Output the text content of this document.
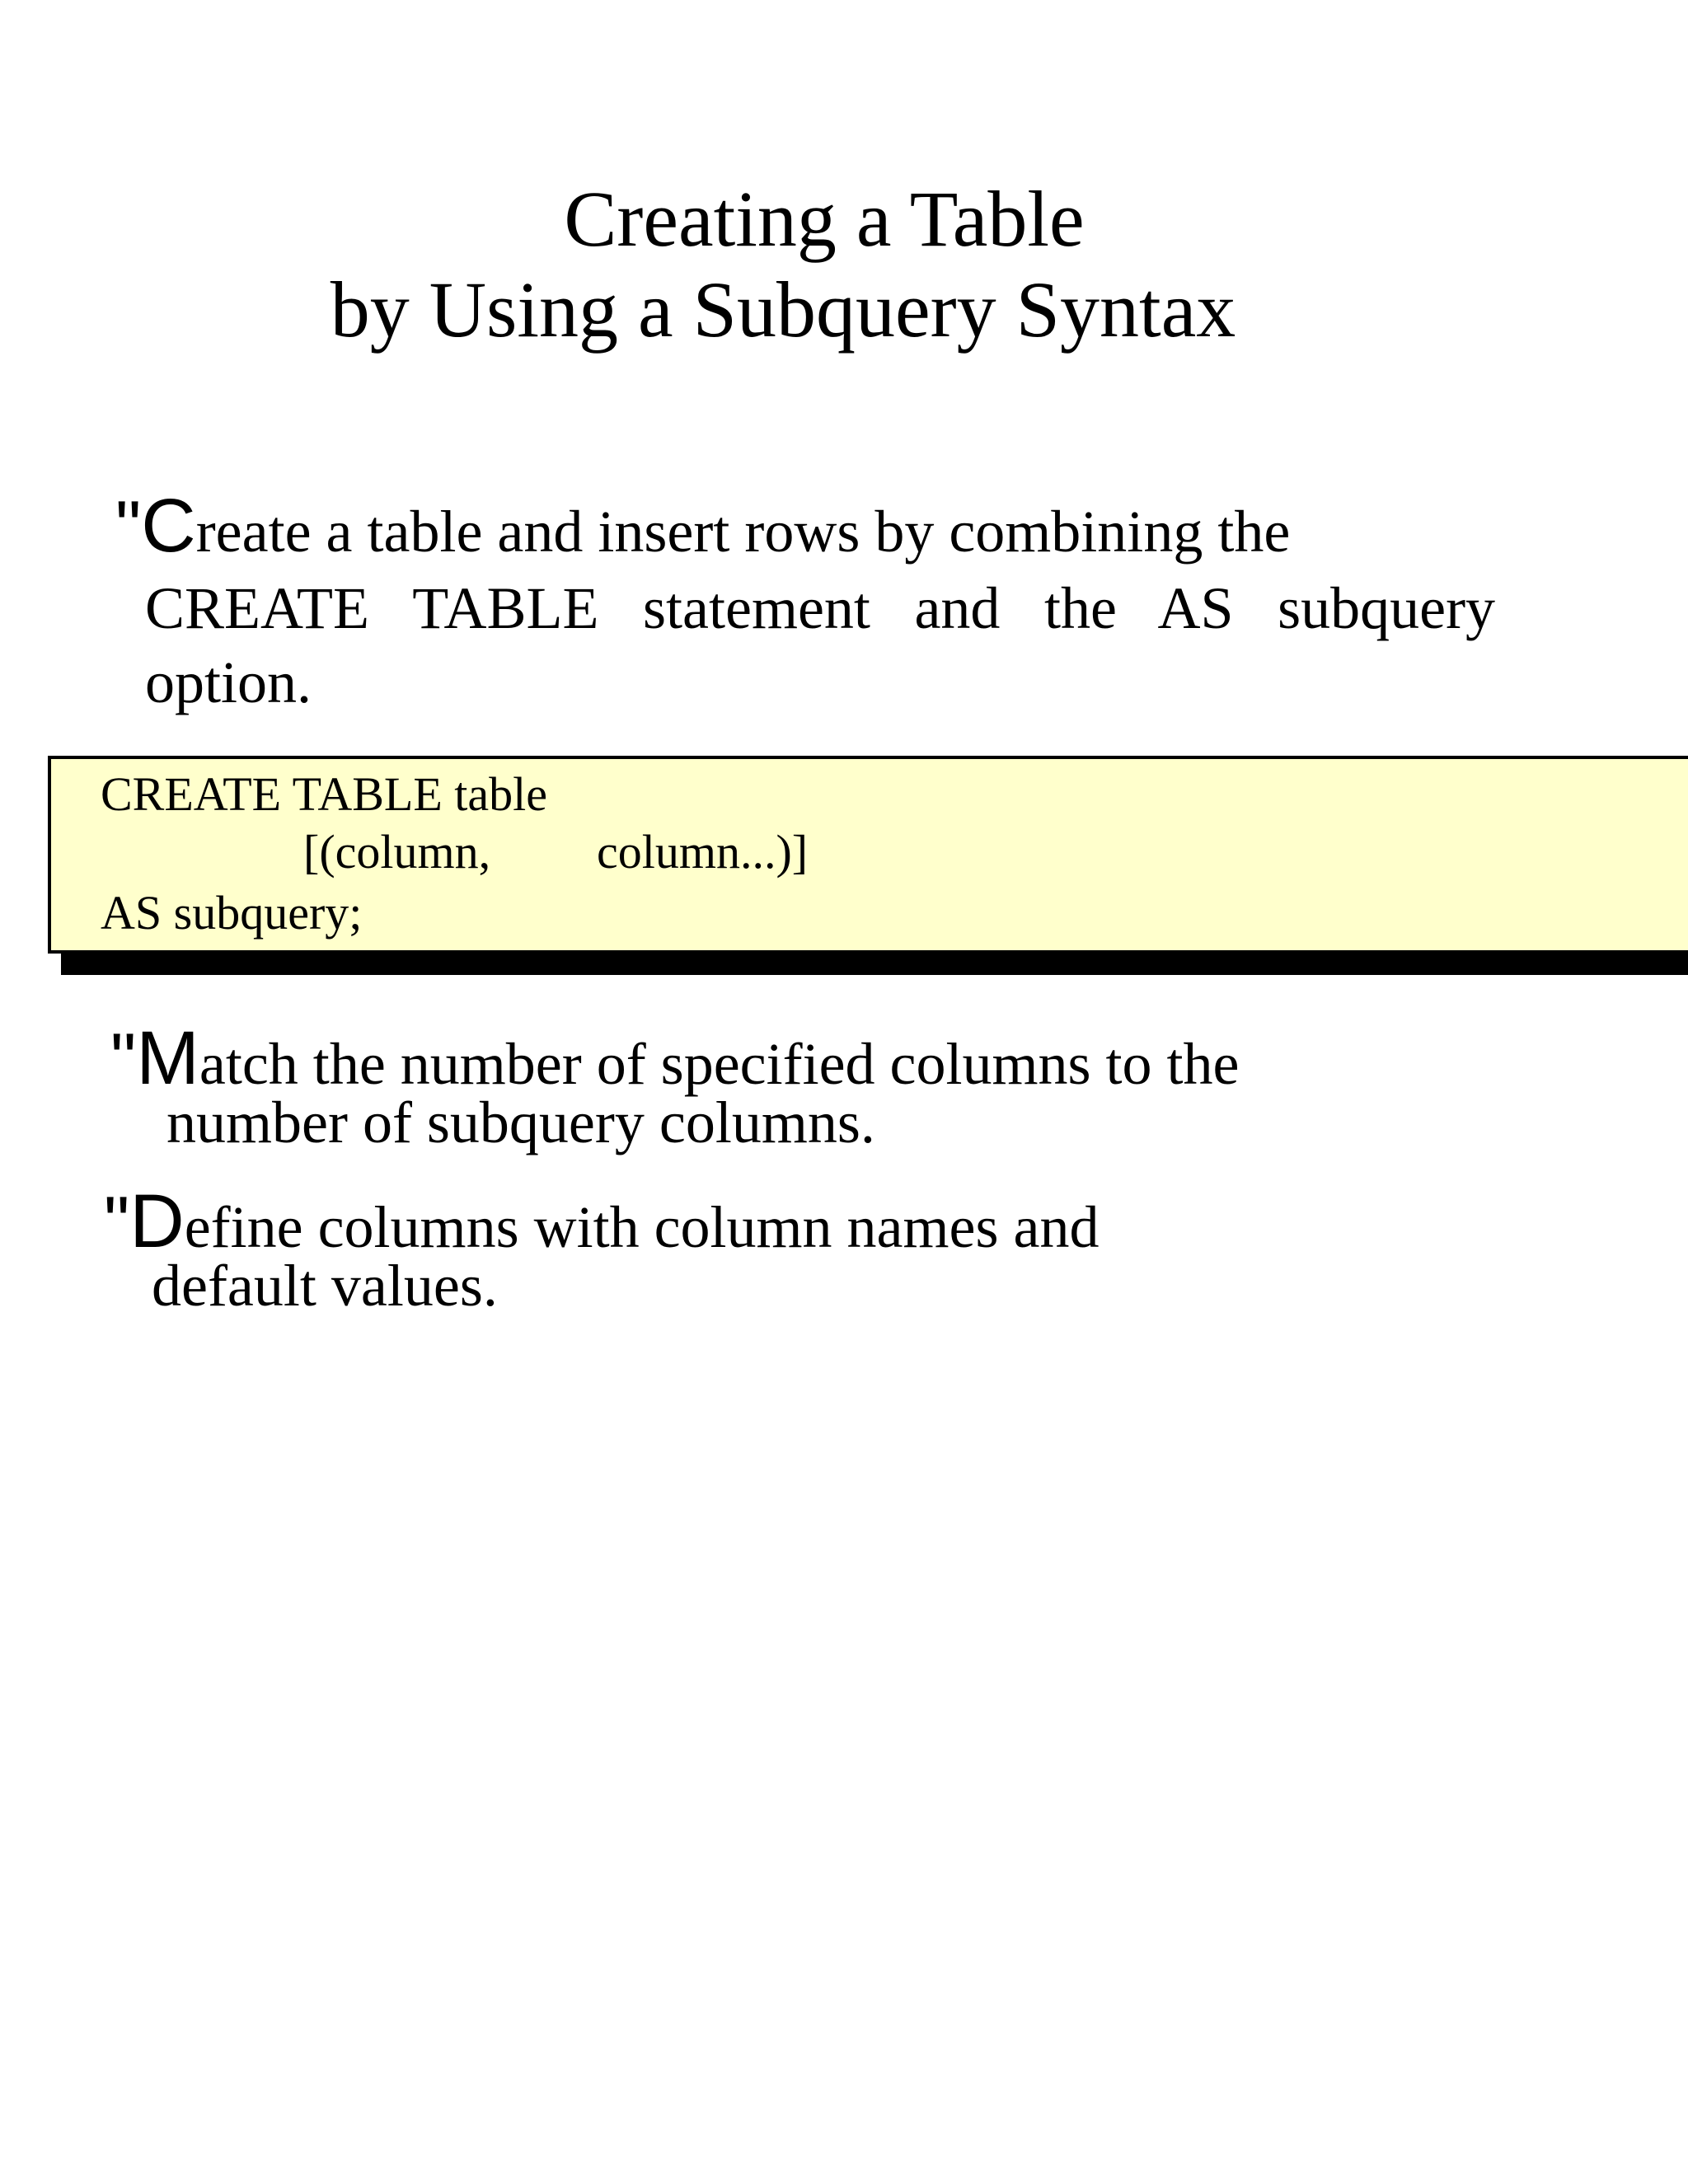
Creating a Table
by Using a Subquery Syntax
"Create a table and insert rows by combining the
CREATE TABLE statement and the AS subquery
option.
CREATE TABLE table
[(column, column...)]
AS subquery;
"Match the number of specified columns to the
number of subquery columns.
"Define columns with column names and
default values.
